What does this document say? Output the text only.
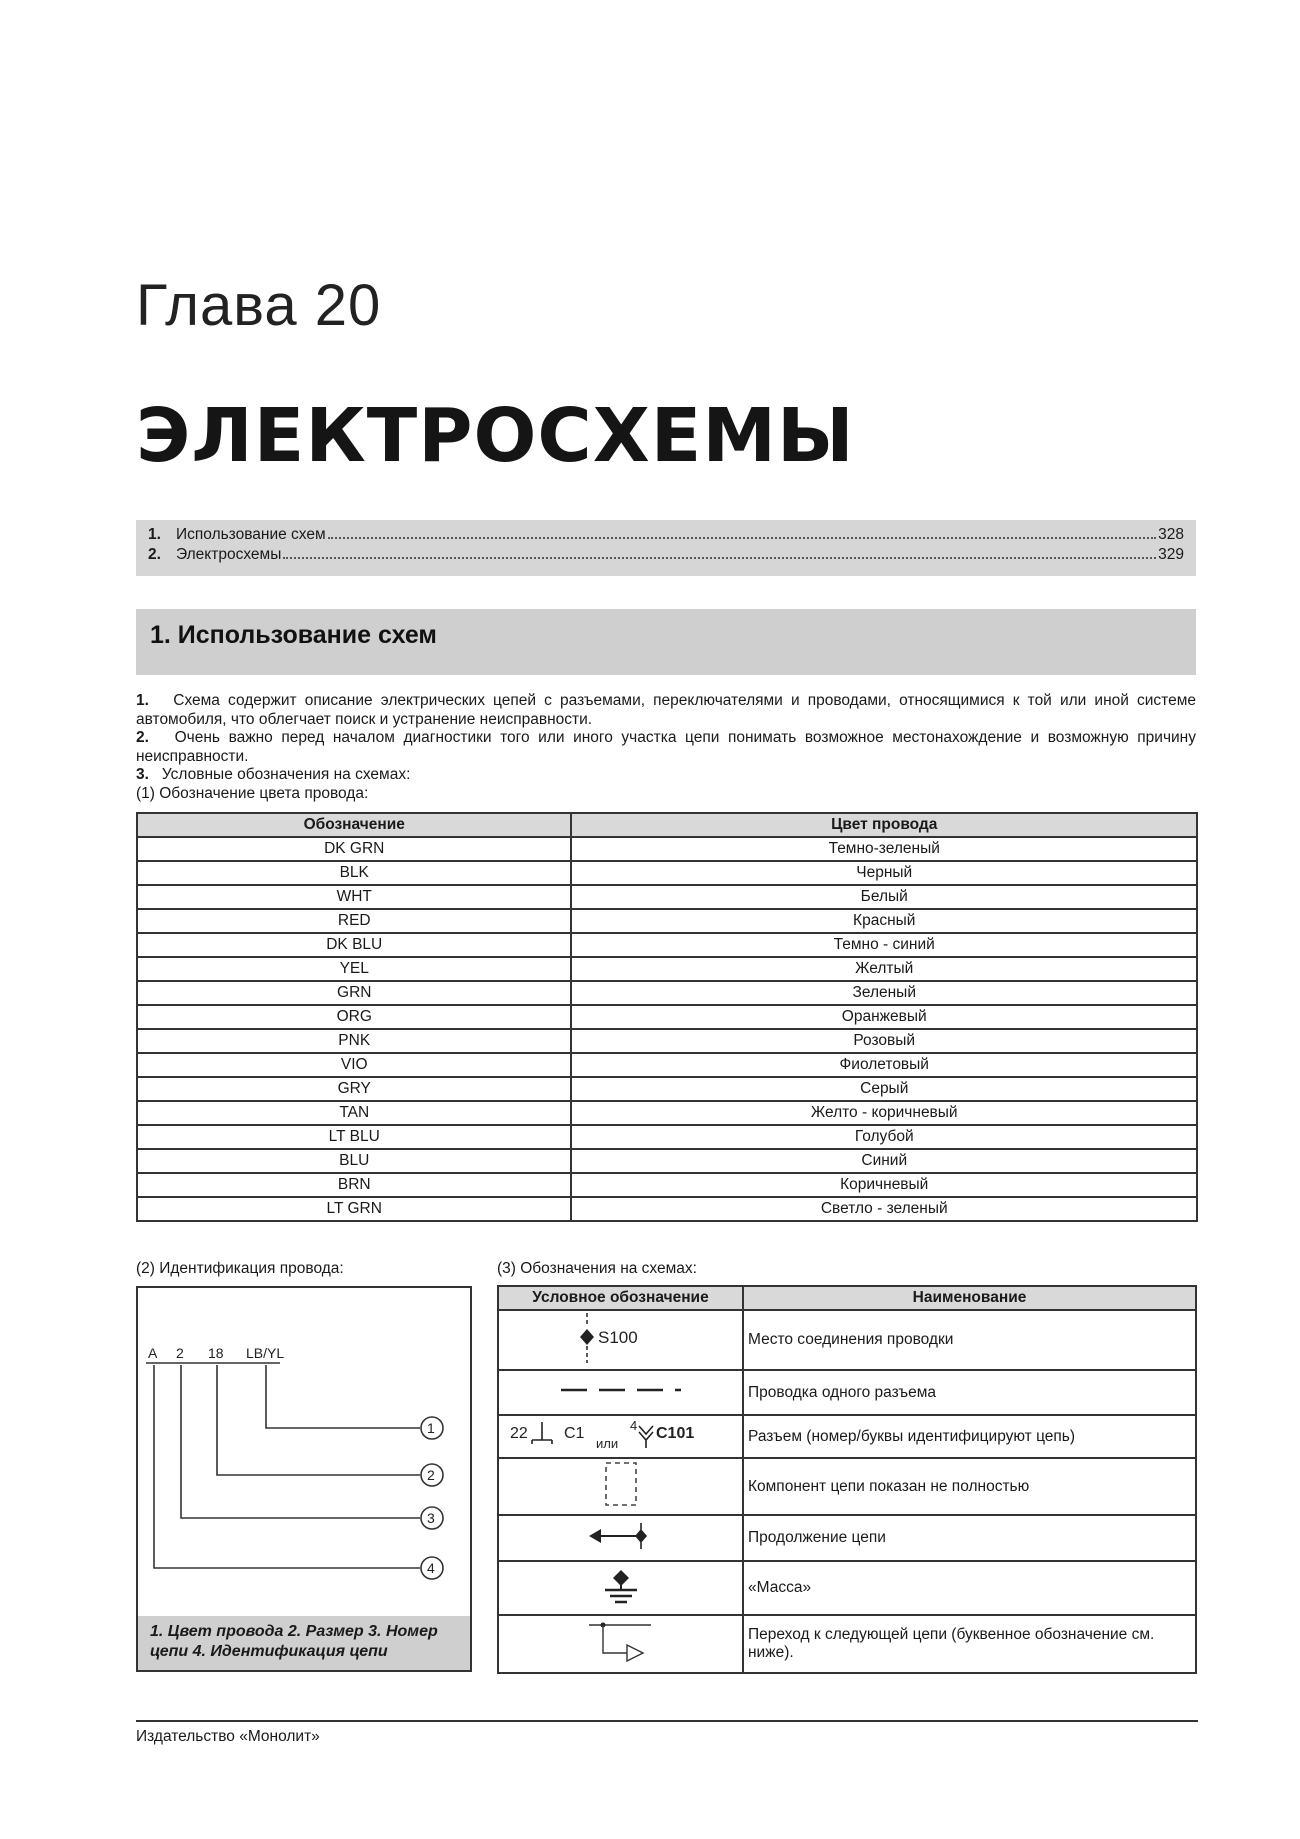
Глава 20
ЭЛЕКТРОСХЕМЫ
1. Использование схем	328
2. Электросхемы	329
1. Использование схем

1. Схема содержит описание электрических цепей с разъемами, переключателями и проводами, относящимися к той или иной системе автомобиля, что облегчает поиск и устранение неисправности.

2. Очень важно перед началом диагностики того или иного участка цепи понимать возможное местонахождение и возможную причину неисправности.

3. Условные обозначения на схемах:

(1) Обозначение цвета провода:

Обозначение	Цвет провода
DK GRN	Темно-зеленый
BLK	Черный
WHT	Белый
RED	Красный
DK BLU	Темно - синий
YEL	Желтый
GRN	Зеленый
ORG	Оранжевый
PNK	Розовый
VIO	Фиолетовый
GRY	Серый
TAN	Желто - коричневый
LT BLU	Голубой
BLU	Синий
BRN	Коричневый
LT GRN	Светло - зеленый
(2) Идентификация провода:	(3) Обозначения на схемах:
A 2 18 LB/YL
1
2
3
4
1. Цвет провода 2. Размер 3. Номер цепи 4. Идентификация цепи
Условное обозначение	Наименование

S100	Место соединения проводки
	Проводка одного разъема

22 C1
или
4 C101	Разъем (номер/буквы идентифицируют цепь)
	Компонент цепи показан не полностью
	Продолжение цепи
	«Масса»
	Переход к следующей цепи (буквенное обозначение см. ниже).
Издательство «Монолит»
